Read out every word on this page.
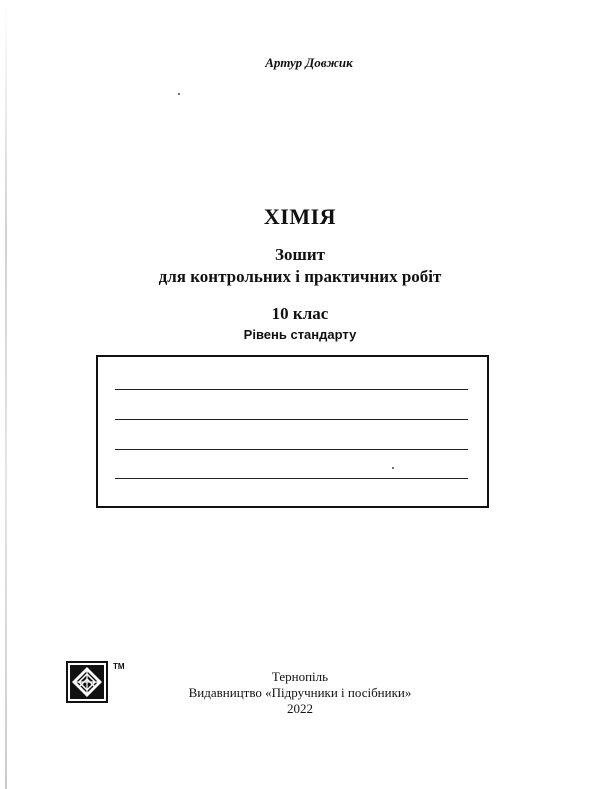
Артур Довжик
ХІМІЯ
Зошит
для контрольних і практичних робіт
10 клас
Рівень стандарту
TM
Тернопіль
Видавництво «Підручники і посібники»
2022
